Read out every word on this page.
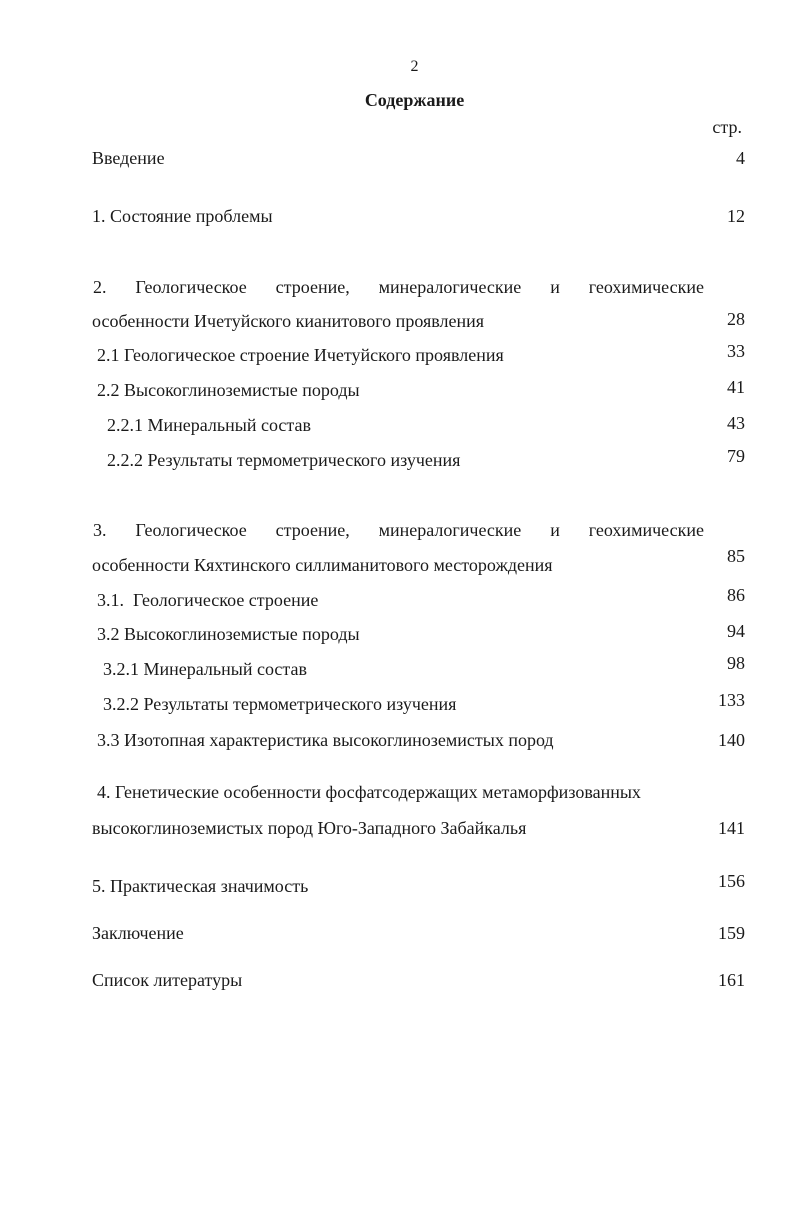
2
Содержание
стр.
Введение	4
1. Состояние проблемы	12
2. Геологическое строение, минералогические и геохимические
особенности Ичетуйского кианитового проявления	28
2.1 Геологическое строение Ичетуйского проявления	33
2.2 Высокоглиноземистые породы	41
2.2.1 Минеральный состав	43
2.2.2 Результаты термометрического изучения	79
3. Геологическое строение, минералогические и геохимические
особенности Кяхтинского силлиманитового месторождения	85
3.1.  Геологическое строение	86
3.2 Высокоглиноземистые породы	94
3.2.1 Минеральный состав	98
3.2.2 Результаты термометрического изучения	133
3.3 Изотопная характеристика высокоглиноземистых пород	140
4. Генетические особенности фосфатсодержащих метаморфизованных
высокоглиноземистых пород Юго-Западного Забайкалья	141
5. Практическая значимость	156
Заключение	159
Список литературы	161
